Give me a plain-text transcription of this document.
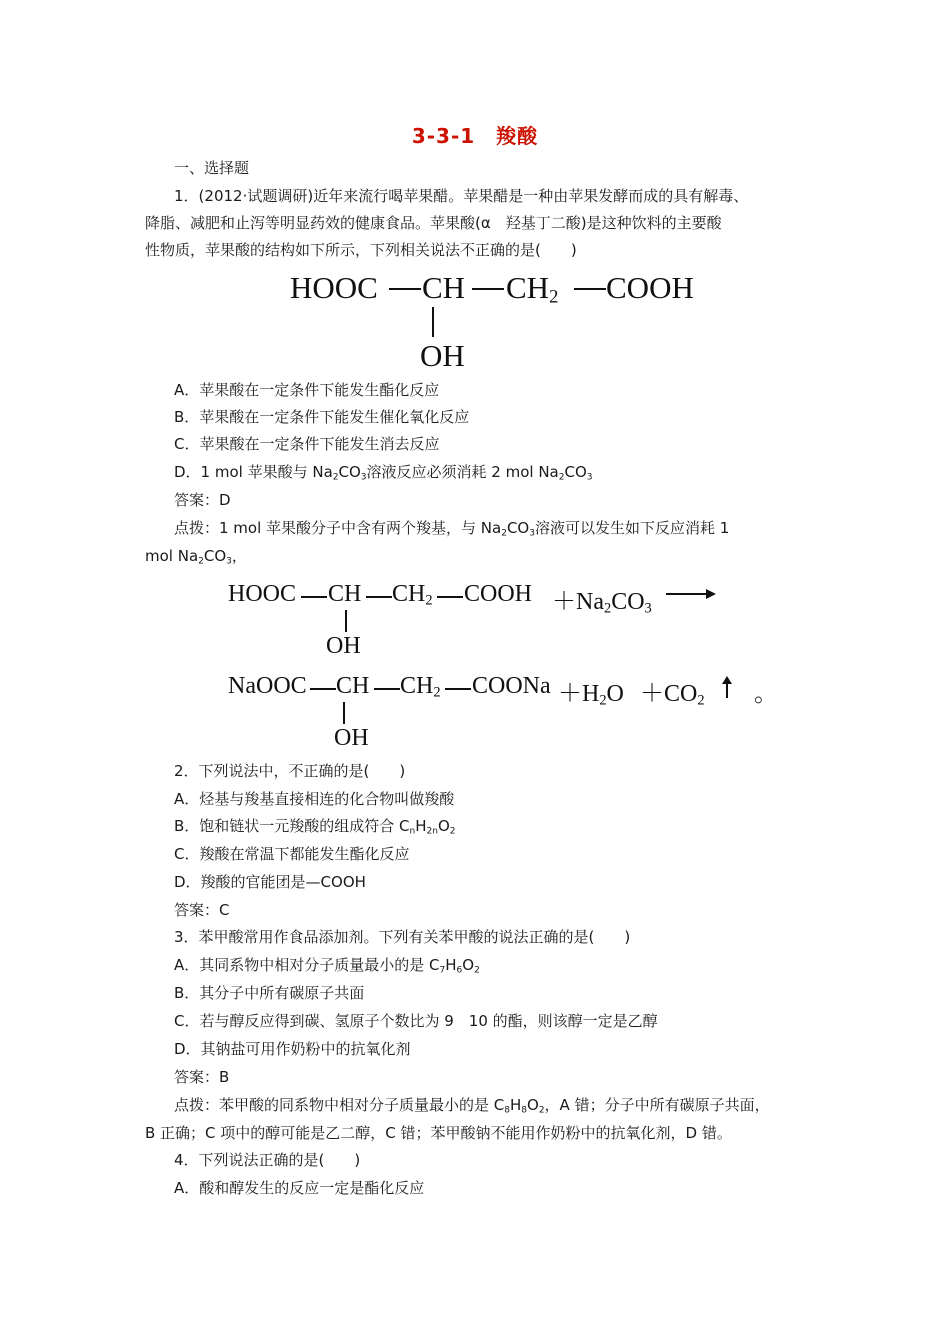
3-3-1　羧酸
一、选择题
1．(2012·试题调研)近年来流行喝苹果醋。苹果醋是一种由苹果发酵而成的具有解毒、
降脂、减肥和止泻等明显药效的健康食品。苹果酸(α　羟基丁二酸)是这种饮料的主要酸
性物质，苹果酸的结构如下所示，下列相关说法不正确的是(　　)
HOOC CH $CH_2$ COOH
OH
A．苹果酸在一定条件下能发生酯化反应
B．苹果酸在一定条件下能发生催化氧化反应
C．苹果酸在一定条件下能发生消去反应
D．1 mol 苹果酸与 $Na_2CO_3$溶液反应必须消耗 2 mol $Na_2CO_3$
答案：D
点拨：1 mol 苹果酸分子中含有两个羧基，与 $Na_2CO_3$溶液可以发生如下反应消耗 1
mol $Na_2CO_3$，
HOOC CH $CH_2$ COOH $+Na_2CO_3$
OH
NaOOC CH $CH_2$ COONa $+H_2O +CO_2$ 。
OH
2．下列说法中，不正确的是(　　)
A．烃基与羧基直接相连的化合物叫做羧酸
B．饱和链状一元羧酸的组成符合 $C_nH_{2n}O_2$
C．羧酸在常温下都能发生酯化反应
D．羧酸的官能团是—COOH
答案：C
3．苯甲酸常用作食品添加剂。下列有关苯甲酸的说法正确的是(　　)
A．其同系物中相对分子质量最小的是 $C_7H_6O_2$
B．其分子中所有碳原子共面
C．若与醇反应得到碳、氢原子个数比为 9　10 的酯，则该醇一定是乙醇
D．其钠盐可用作奶粉中的抗氧化剂
答案：B
点拨：苯甲酸的同系物中相对分子质量最小的是 $C_8H_8O_2$，A 错；分子中所有碳原子共面，
B 正确；C 项中的醇可能是乙二醇，C 错；苯甲酸钠不能用作奶粉中的抗氧化剂，D 错。
4．下列说法正确的是(　　)
A．酸和醇发生的反应一定是酯化反应
